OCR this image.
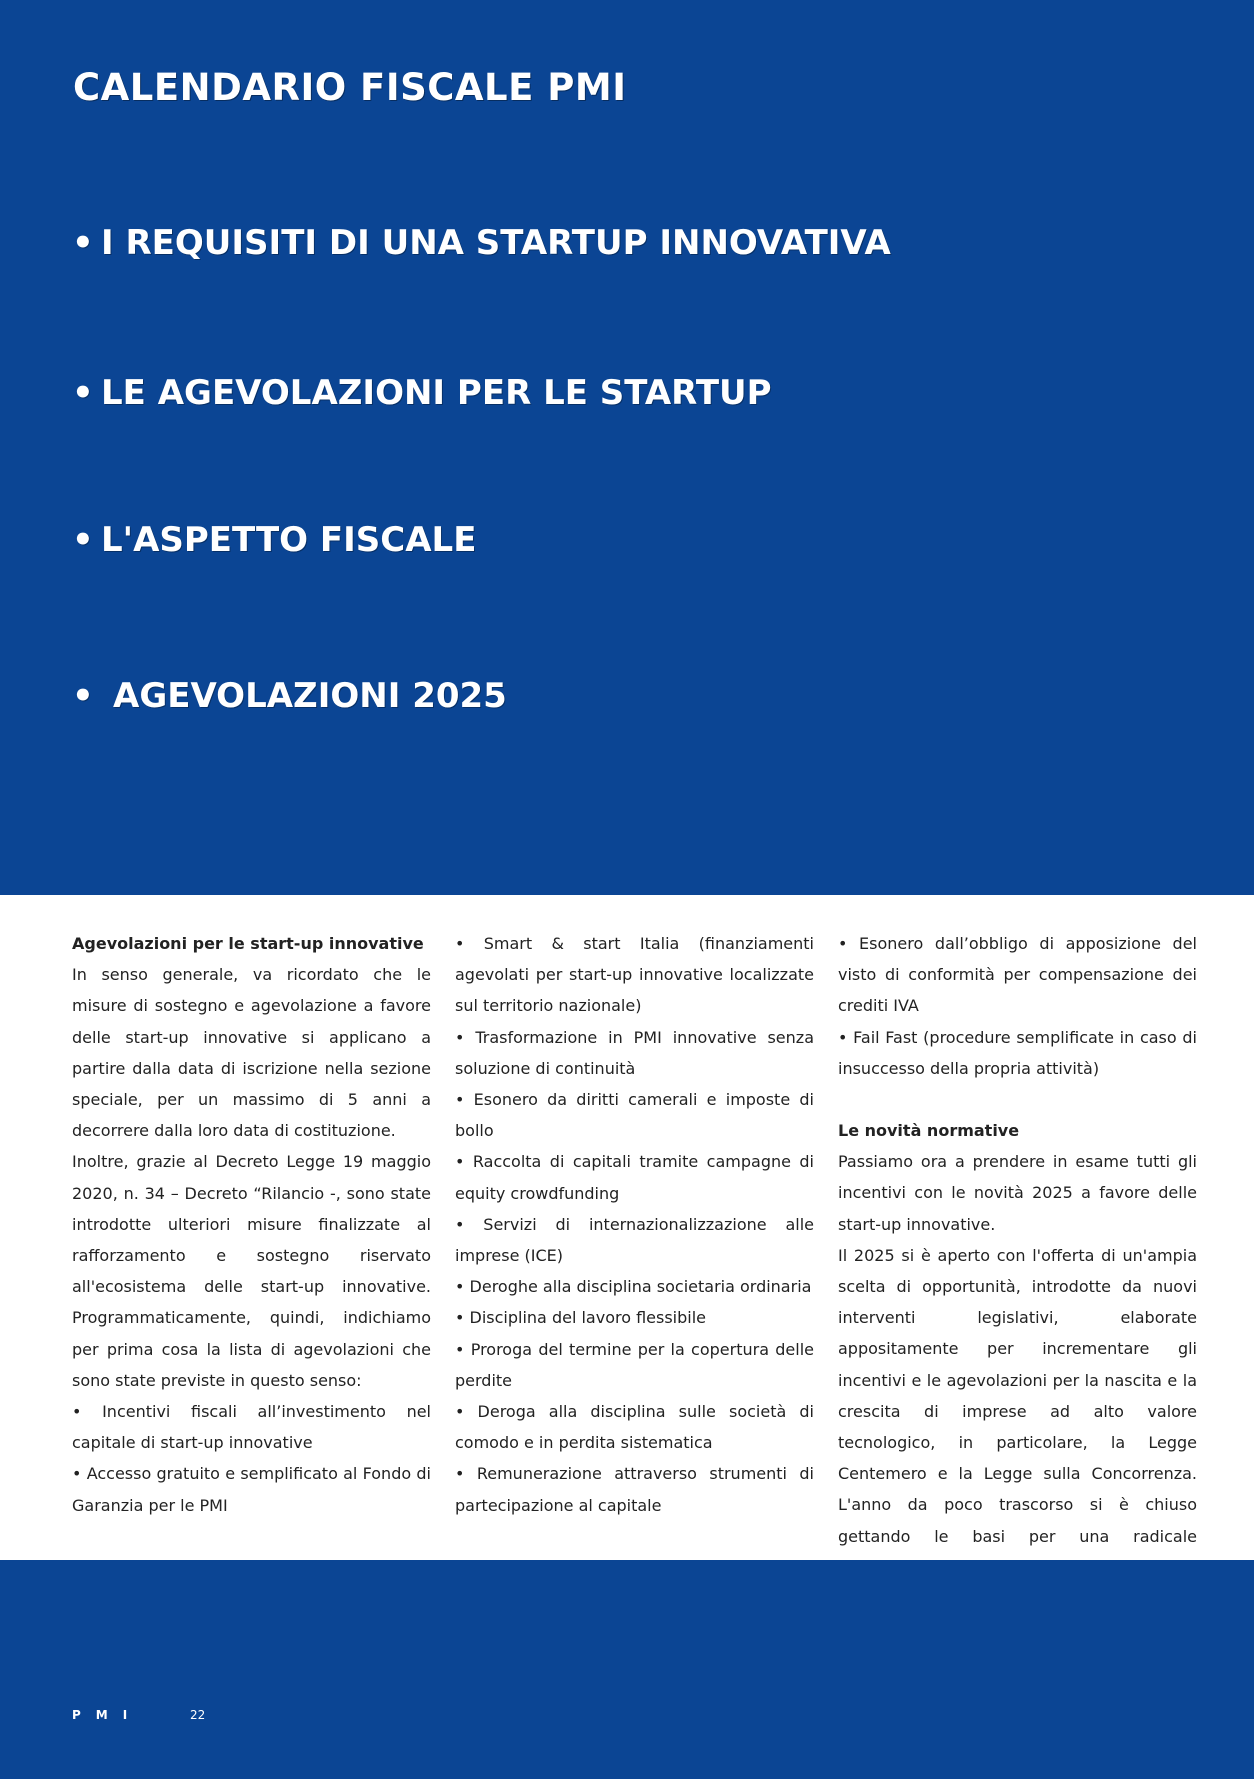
CALENDARIO FISCALE PMI
• I REQUISITI DI UNA STARTUP INNOVATIVA
• LE AGEVOLAZIONI PER LE STARTUP
• L'ASPETTO FISCALE
• AGEVOLAZIONI 2025

Agevolazioni per le start-up innovative

In senso generale, va ricordato che le misure di sostegno e agevolazione a favore delle start-up innovative si applicano a partire dalla data di iscrizione nella sezione speciale, per un massimo di 5 anni a decorrere dalla loro data di costituzione.

Inoltre, grazie al Decreto Legge 19 maggio 2020, n. 34 – Decreto “Rilancio -, sono state introdotte ulteriori misure finalizzate al rafforzamento e sostegno riservato all'ecosistema delle start-up innovative. Programmaticamente, quindi, indichiamo per prima cosa la lista di agevolazioni che sono state previste in questo senso:

• Incentivi fiscali all’investimento nel capitale di start-up innovative

• Accesso gratuito e semplificato al Fondo di Garanzia per le PMI

• Smart & start Italia (finanziamenti agevolati per start-up innovative localizzate sul territorio nazionale)

• Trasformazione in PMI innovative senza soluzione di continuità

• Esonero da diritti camerali e imposte di bollo

• Raccolta di capitali tramite campagne di equity crowdfunding

• Servizi di internazionalizzazione alle imprese (ICE)

• Deroghe alla disciplina societaria ordinaria

• Disciplina del lavoro flessibile

• Proroga del termine per la copertura delle perdite

• Deroga alla disciplina sulle società di comodo e in perdita sistematica

• Remunerazione attraverso strumenti di partecipazione al capitale

• Esonero dall’obbligo di apposizione del visto di conformità per compensazione dei crediti IVA

• Fail Fast (procedure semplificate in caso di insuccesso della propria attività)

Le novità normative

Passiamo ora a prendere in esame tutti gli incentivi con le novità 2025 a favore delle start-up innovative.

Il 2025 si è aperto con l'offerta di un'ampia scelta di opportunità, introdotte da nuovi interventi legislativi, elaborate appositamente per incrementare gli incentivi e le agevolazioni per la nascita e la crescita di imprese ad alto valore tecnologico, in particolare, la Legge Centemero e la Legge sulla Concorrenza. L'anno da poco trascorso si è chiuso gettando le basi per una radicale

PMI	22
